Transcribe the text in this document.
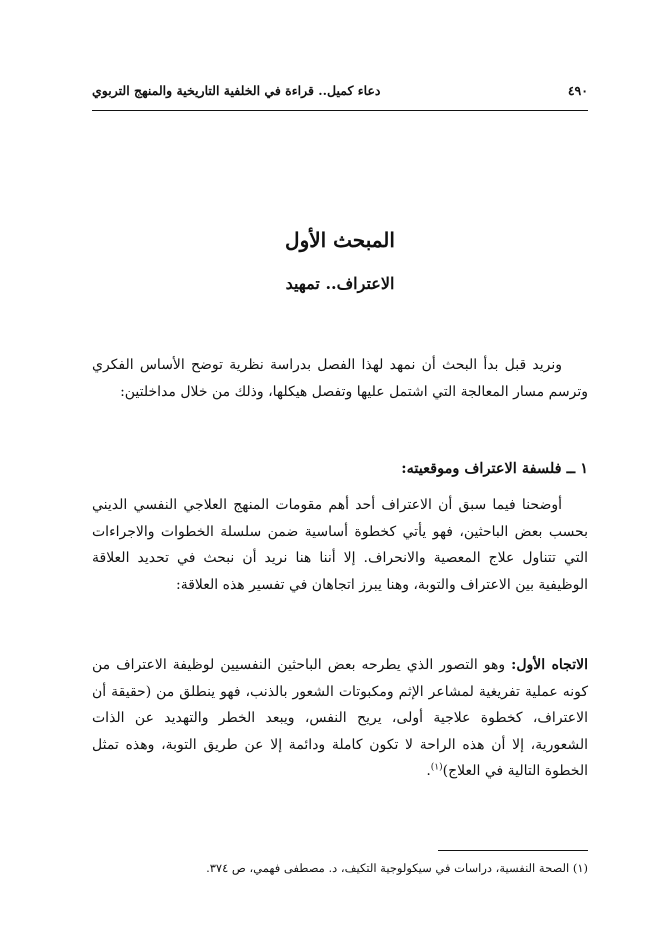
٤٩٠
دعاء كميل.. قراءة في الخلفية التاريخية والمنهج التربوي
المبحث الأول
الاعتراف.. تمهيد

ونريد قبل بدأ البحث أن نمهد لهذا الفصل بدراسة نظرية توضح الأساس الفكري وترسم مسار المعالجة التي اشتمل عليها وتفصل هيكلها، وذلك من خلال مداخلتين:

١ ــ فلسفة الاعتراف وموقعيته:

أوضحنا فيما سبق أن الاعتراف أحد أهم مقومات المنهج العلاجي النفسي الديني بحسب بعض الباحثين، فهو يأتي كخطوة أساسية ضمن سلسلة الخطوات والاجراءات التي تتناول علاج المعصية والانحراف. إلا أننا هنا نريد أن نبحث في تحديد العلاقة الوظيفية بين الاعتراف والتوبة، وهنا يبرز اتجاهان في تفسير هذه العلاقة:

الاتجاه الأول: وهو التصور الذي يطرحه بعض الباحثين النفسيين لوظيفة الاعتراف من كونه عملية تفريغية لمشاعر الإثم ومكبوتات الشعور بالذنب، فهو ينطلق من (حقيقة أن الاعتراف، كخطوة علاجية أولى، يريح النفس، ويبعد الخطر والتهديد عن الذات الشعورية، إلا أن هذه الراحة لا تكون كاملة ودائمة إلا عن طريق التوبة، وهذه تمثل الخطوة التالية في العلاج)$^{(١)}$.

(١) الصحة النفسية، دراسات في سيكولوجية التكيف، د. مصطفى فهمي، ص ٣٧٤.
